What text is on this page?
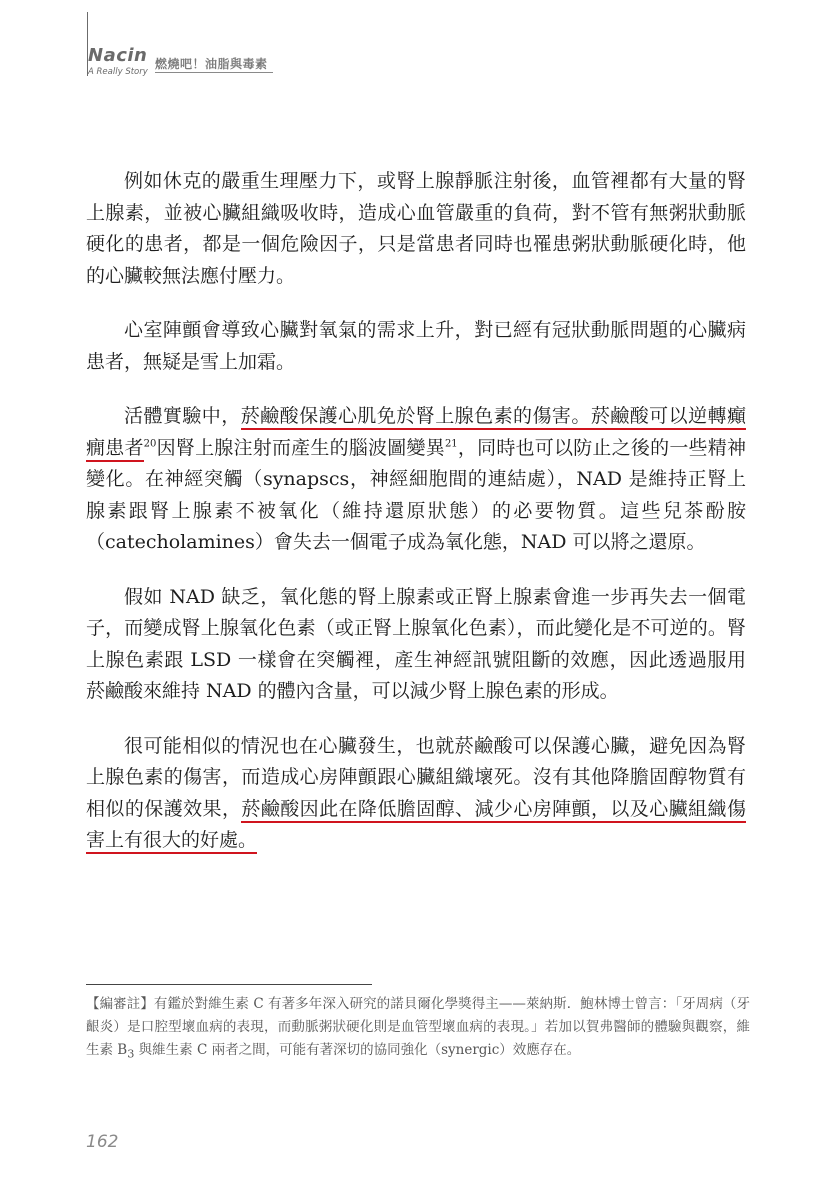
Nacin
A Really Story
燃燒吧！油脂與毒素

例如休克的嚴重生理壓力下，或腎上腺靜脈注射後，血管裡都有大量的腎上腺素，並被心臟組織吸收時，造成心血管嚴重的負荷，對不管有無粥狀動脈硬化的患者，都是一個危險因子，只是當患者同時也罹患粥狀動脈硬化時，他的心臟較無法應付壓力。

心室陣顫會導致心臟對氧氣的需求上升，對已經有冠狀動脈問題的心臟病患者，無疑是雪上加霜。

活體實驗中，菸鹼酸保護心肌免於腎上腺色素的傷害。菸鹼酸可以逆轉癲癇患者$^{20}$因腎上腺注射而產生的腦波圖變異$^{21}$，同時也可以防止之後的一些精神變化。在神經突觸（synapscs，神經細胞間的連結處），NAD 是維持正腎上腺素跟腎上腺素不被氧化（維持還原狀態）的必要物質。這些兒茶酚胺（catecholamines）會失去一個電子成為氧化態，NAD 可以將之還原。

假如 NAD 缺乏，氧化態的腎上腺素或正腎上腺素會進一步再失去一個電子，而變成腎上腺氧化色素（或正腎上腺氧化色素），而此變化是不可逆的。腎上腺色素跟 LSD 一樣會在突觸裡，產生神經訊號阻斷的效應，因此透過服用菸鹼酸來維持 NAD 的體內含量，可以減少腎上腺色素的形成。

很可能相似的情況也在心臟發生，也就菸鹼酸可以保護心臟，避免因為腎上腺色素的傷害，而造成心房陣顫跟心臟組織壞死。沒有其他降膽固醇物質有相似的保護效果，菸鹼酸因此在降低膽固醇、減少心房陣顫，以及心臟組織傷害上有很大的好處。

【編審註】有鑑於對維生素 C 有著多年深入研究的諾貝爾化學獎得主——萊納斯．鮑林博士曾言：「牙周病（牙齦炎）是口腔型壞血病的表現，而動脈粥狀硬化則是血管型壞血病的表現。」若加以賀弗醫師的體驗與觀察，維生素 $B_3$ 與維生素 C 兩者之間，可能有著深切的協同強化（synergic）效應存在。
162
